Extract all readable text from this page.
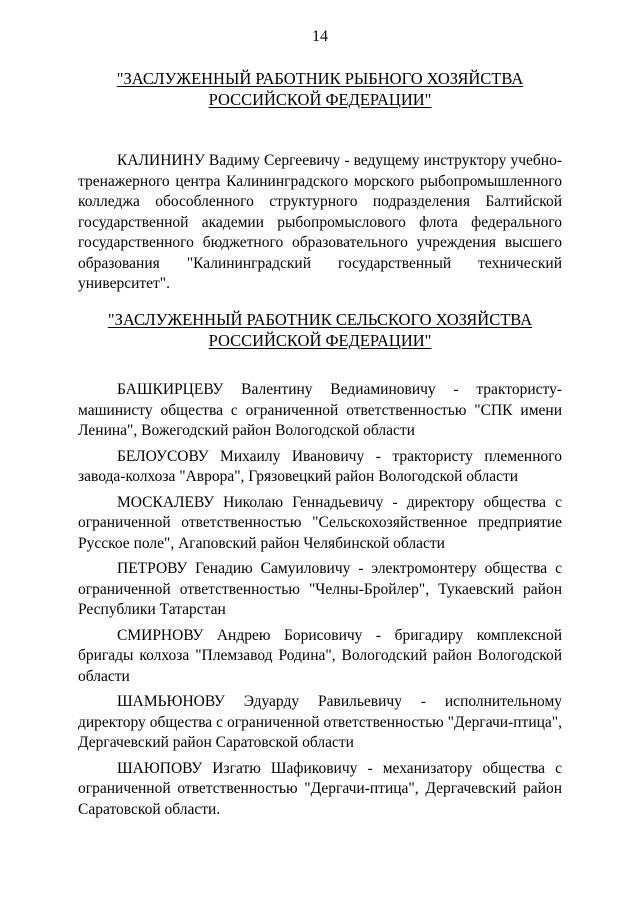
14

"ЗАСЛУЖЕННЫЙ РАБОТНИК РЫБНОГО ХОЗЯЙСТВА
РОССИЙСКОЙ ФЕДЕРАЦИИ"

КАЛИНИНУ Вадиму Сергеевичу - ведущему инструктору учебно-тренажерного центра Калининградского морского рыбопромышленного колледжа обособленного структурного подразделения Балтийской государственной академии рыбопромыслового флота федерального государственного бюджетного образовательного учреждения высшего образования "Калининградский государственный технический университет".

"ЗАСЛУЖЕННЫЙ РАБОТНИК СЕЛЬСКОГО ХОЗЯЙСТВА
РОССИЙСКОЙ ФЕДЕРАЦИИ"

БАШКИРЦЕВУ Валентину Ведиаминовичу - трактористу-машинисту общества с ограниченной ответственностью "СПК имени Ленина", Вожегодский район Вологодской области

БЕЛОУСОВУ Михаилу Ивановичу - трактористу племенного завода-колхоза "Аврора", Грязовецкий район Вологодской области

МОСКАЛЕВУ Николаю Геннадьевичу - директору общества с ограниченной ответственностью "Сельскохозяйственное предприятие Русское поле", Агаповский район Челябинской области

ПЕТРОВУ Генадию Самуиловичу - электромонтеру общества с ограниченной ответственностью "Челны-Бройлер", Тукаевский район Республики Татарстан

СМИРНОВУ Андрею Борисовичу - бригадиру комплексной бригады колхоза "Племзавод Родина", Вологодский район Вологодской области

ШАМЬЮНОВУ Эдуарду Равильевичу - исполнительному директору общества с ограниченной ответственностью "Дергачи-птица", Дергачевский район Саратовской области

ШАЮПОВУ Изгатю Шафиковичу - механизатору общества с ограниченной ответственностью "Дергачи-птица", Дергачевский район Саратовской области.
